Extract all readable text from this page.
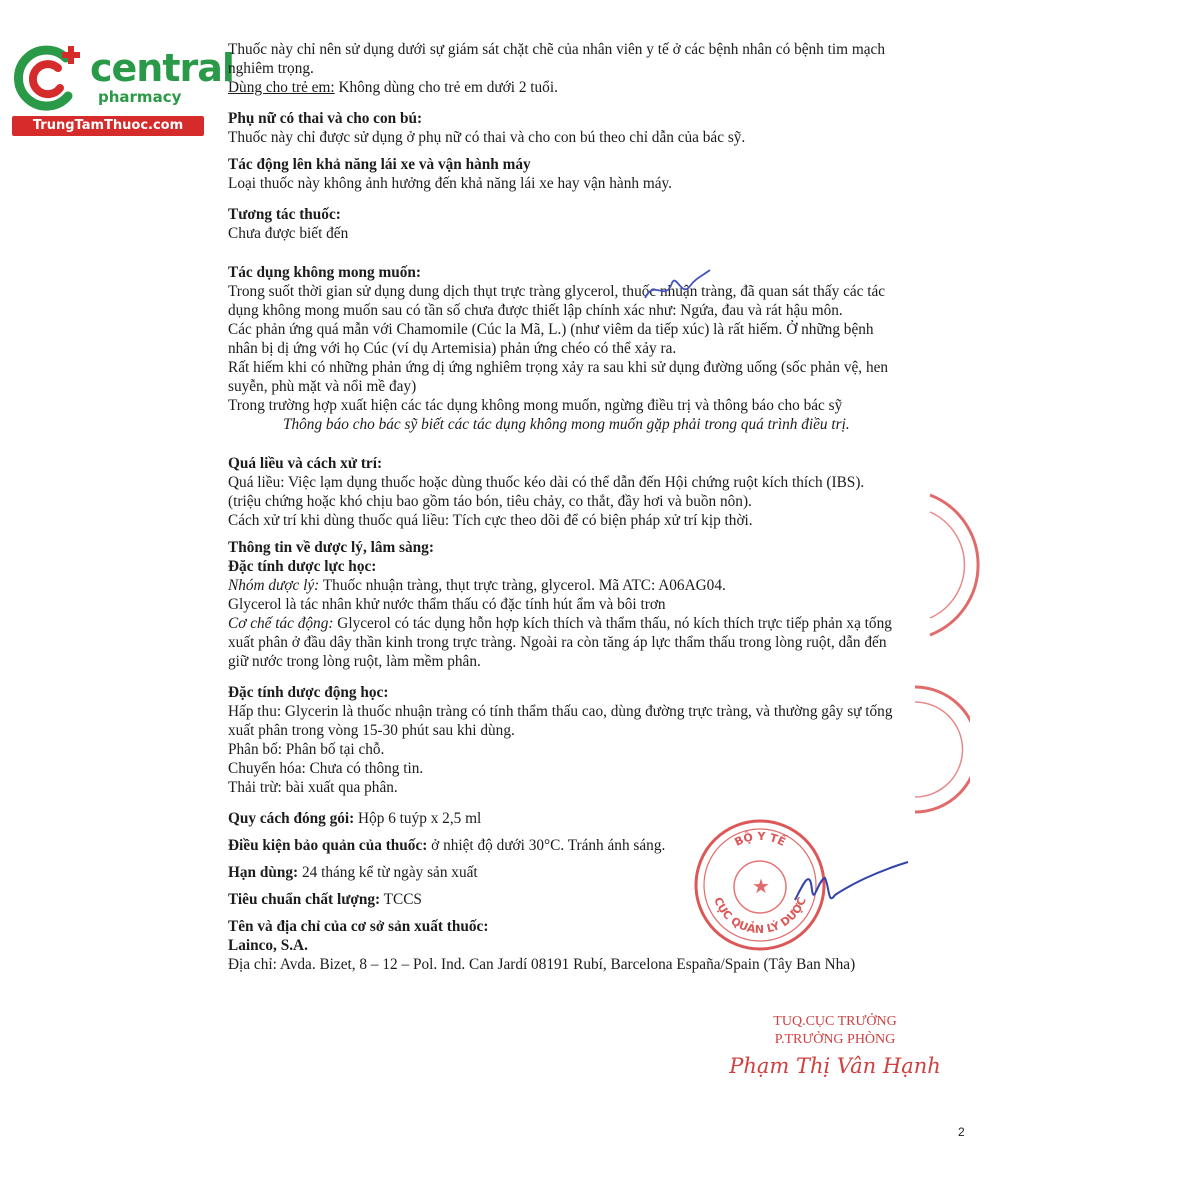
central
pharmacy
TrungTamThuoc.com

Thuốc này chỉ nên sử dụng dưới sự giám sát chặt chẽ của nhân viên y tế ở các bệnh nhân có bệnh tim mạch

nghiêm trọng.

Dùng cho trẻ em: Không dùng cho trẻ em dưới 2 tuổi.

Phụ nữ có thai và cho con bú:

Thuốc này chỉ được sử dụng ở phụ nữ có thai và cho con bú theo chỉ dẫn của bác sỹ.

Tác động lên khả năng lái xe và vận hành máy

Loại thuốc này không ảnh hưởng đến khả năng lái xe hay vận hành máy.

Tương tác thuốc:

Chưa được biết đến

Tác dụng không mong muốn:

Trong suốt thời gian sử dụng dung dịch thụt trực tràng glycerol, thuốc nhuận tràng, đã quan sát thấy các tác

dụng không mong muốn sau có tần số chưa được thiết lập chính xác như: Ngứa, đau và rát hậu môn.

Các phản ứng quá mẫn với Chamomile (Cúc la Mã, L.) (như viêm da tiếp xúc) là rất hiếm. Ở những bệnh

nhân bị dị ứng với họ Cúc (ví dụ Artemisia) phản ứng chéo có thể xảy ra.

Rất hiếm khi có những phản ứng dị ứng nghiêm trọng xảy ra sau khi sử dụng đường uống (sốc phản vệ, hen

suyễn, phù mặt và nổi mề đay)

Trong trường hợp xuất hiện các tác dụng không mong muốn, ngừng điều trị và thông báo cho bác sỹ

Thông báo cho bác sỹ biết các tác dụng không mong muốn gặp phải trong quá trình điều trị.

Quá liều và cách xử trí:

Quá liều: Việc lạm dụng thuốc hoặc dùng thuốc kéo dài có thể dẫn đến Hội chứng ruột kích thích (IBS).

(triệu chứng hoặc khó chịu bao gồm táo bón, tiêu chảy, co thắt, đầy hơi và buồn nôn).

Cách xử trí khi dùng thuốc quá liều: Tích cực theo dõi để có biện pháp xử trí kịp thời.

Thông tin về dược lý, lâm sàng:

Đặc tính dược lực học:

Nhóm dược lý: Thuốc nhuận tràng, thụt trực tràng, glycerol. Mã ATC: A06AG04.

Glycerol là tác nhân khử nước thẩm thấu có đặc tính hút ẩm và bôi trơn

Cơ chế tác động: Glycerol có tác dụng hỗn hợp kích thích và thẩm thấu, nó kích thích trực tiếp phản xạ tống

xuất phân ở đầu dây thần kinh trong trực tràng. Ngoài ra còn tăng áp lực thẩm thấu trong lòng ruột, dẫn đến

giữ nước trong lòng ruột, làm mềm phân.

Đặc tính dược động học:

Hấp thu: Glycerin là thuốc nhuận tràng có tính thẩm thấu cao, dùng đường trực tràng, và thường gây sự tống

xuất phân trong vòng 15-30 phút sau khi dùng.

Phân bố: Phân bố tại chỗ.

Chuyển hóa: Chưa có thông tin.

Thải trừ: bài xuất qua phân.

Quy cách đóng gói: Hộp 6 tuýp x 2,5 ml

Điều kiện bảo quản của thuốc: ở nhiệt độ dưới 30°C. Tránh ánh sáng.

Hạn dùng: 24 tháng kể từ ngày sản xuất

Tiêu chuẩn chất lượng: TCCS

Tên và địa chỉ của cơ sở sản xuất thuốc:

Lainco, S.A.

Địa chỉ: Avda. Bizet, 8 – 12 – Pol. Ind. Can Jardí 08191 Rubí, Barcelona España/Spain (Tây Ban Nha)

★
BỘ Y TẾ
CỤC QUẢN LÝ DƯỢC
TUQ.CỤC TRƯỞNG
P.TRƯỞNG PHÒNG
Phạm Thị Vân Hạnh
2
